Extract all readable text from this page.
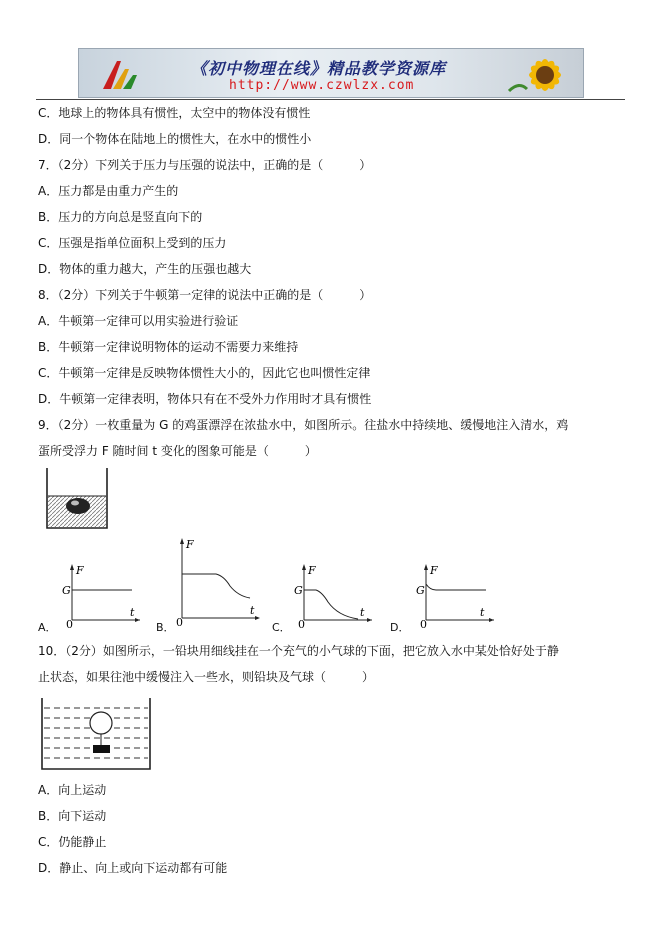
《初中物理在线》精品教学资源库
http://www.czwlzx.com
C．地球上的物体具有惯性，太空中的物体没有惯性
D．同一个物体在陆地上的惯性大，在水中的惯性小
7．（2分）下列关于压力与压强的说法中，正确的是（　　　）
A．压力都是由重力产生的
B．压力的方向总是竖直向下的
C．压强是指单位面积上受到的压力
D．物体的重力越大，产生的压强也越大
8．（2分）下列关于牛顿第一定律的说法中正确的是（　　　）
A．牛顿第一定律可以用实验进行验证
B．牛顿第一定律说明物体的运动不需要力来维持
C．牛顿第一定律是反映物体惯性大小的，因此它也叫惯性定律
D．牛顿第一定律表明，物体只有在不受外力作用时才具有惯性
9．（2分）一枚重量为 G 的鸡蛋漂浮在浓盐水中，如图所示。往盐水中持续地、缓慢地注入清水，鸡
蛋所受浮力 F 随时间 t 变化的图象可能是（　　　）
F
G
0
t
A．
F
0
t
B．
F
G
0
t
C．
F
G
0
t
D．
10．（2分）如图所示，一铅块用细线挂在一个充气的小气球的下面，把它放入水中某处恰好处于静
止状态，如果往池中缓慢注入一些水，则铅块及气球（　　　）
A．向上运动
B．向下运动
C．仍能静止
D．静止、向上或向下运动都有可能
